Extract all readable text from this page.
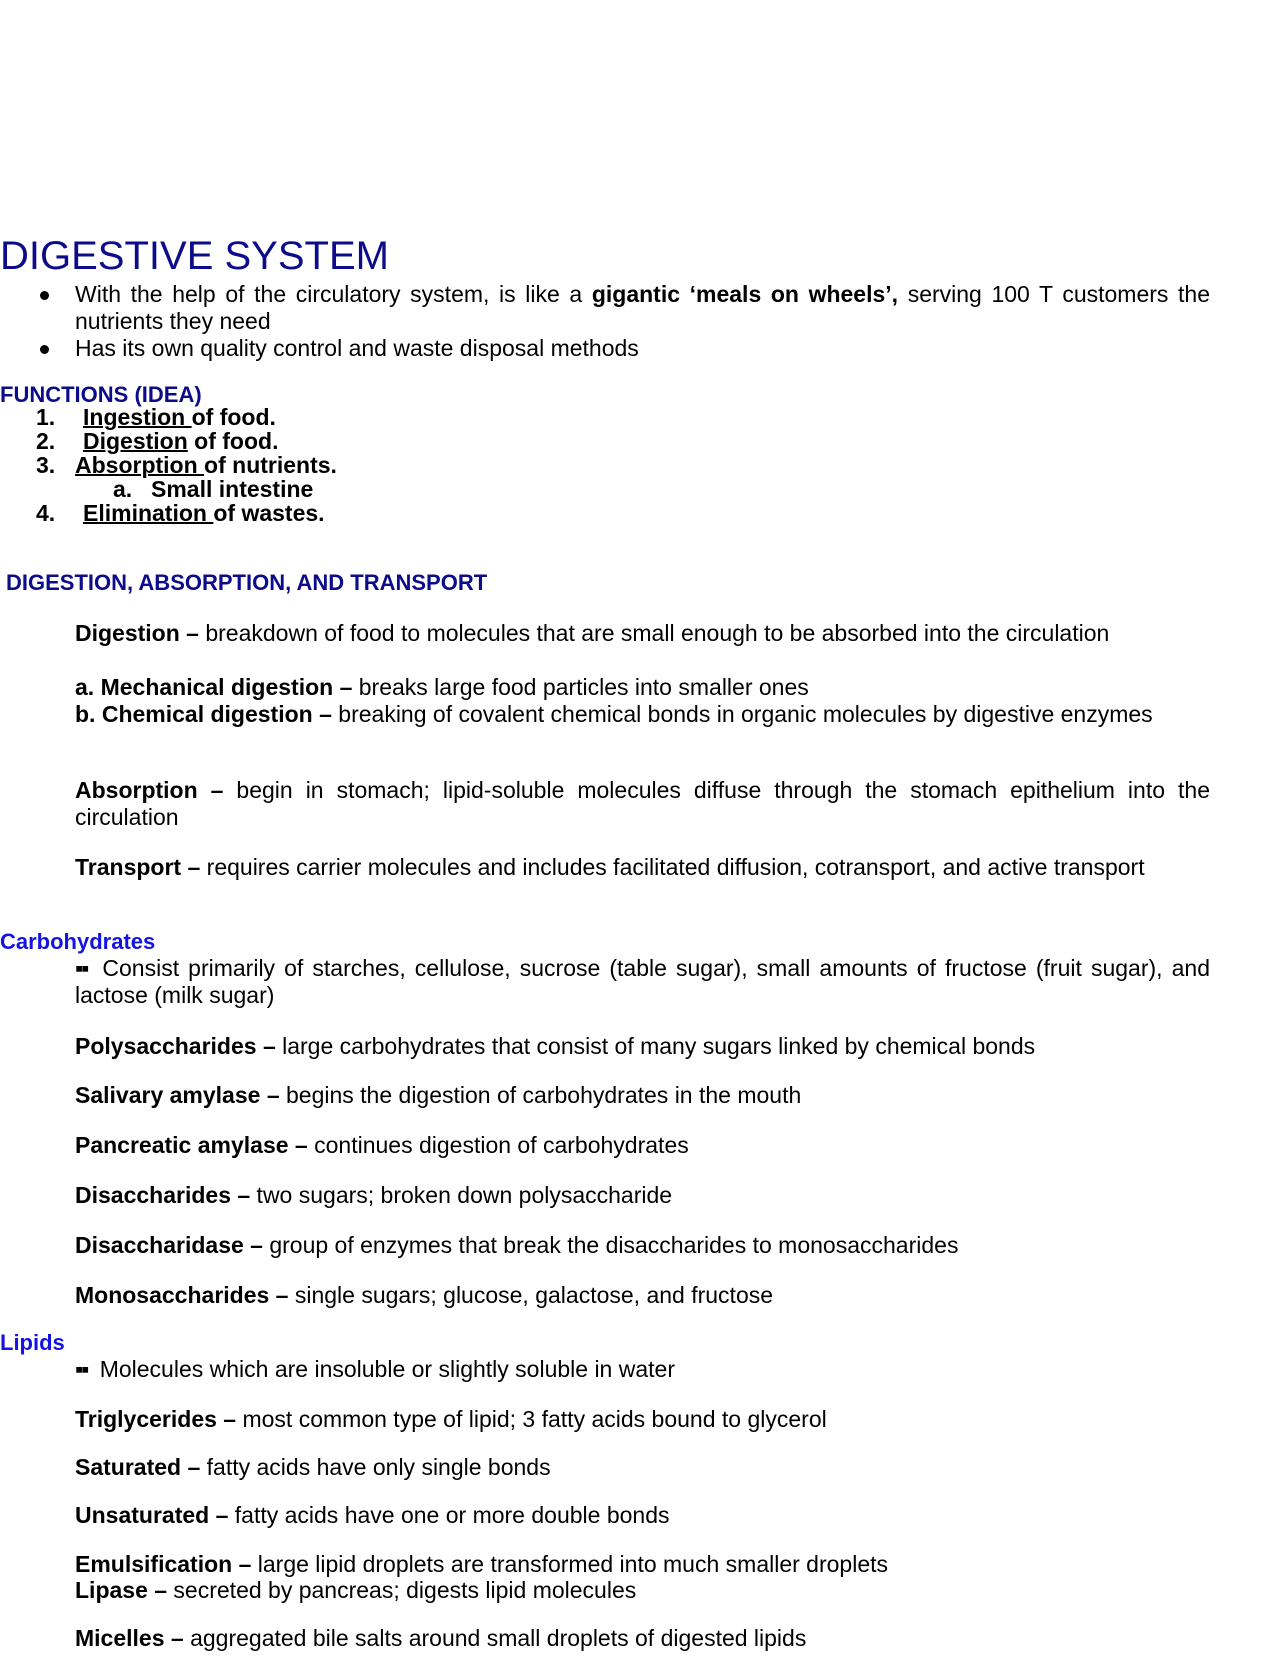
DIGESTIVE SYSTEM
With the help of the circulatory system, is like a gigantic ‘meals on wheels’, serving 100 T customers the nutrients they need
Has its own quality control and waste disposal methods
FUNCTIONS (IDEA)
1. Ingestion of food.
2. Digestion of food.
3. Absorption of nutrients.
a. Small intestine
4. Elimination of wastes.
DIGESTION, ABSORPTION, AND TRANSPORT

Digestion – breakdown of food to molecules that are small enough to be absorbed into the circulation

a. Mechanical digestion – breaks large food particles into smaller ones

b. Chemical digestion – breaking of covalent chemical bonds in organic molecules by digestive enzymes

Absorption – begin in stomach; lipid-soluble molecules diffuse through the stomach epithelium into the circulation

Transport – requires carrier molecules and includes facilitated diffusion, cotransport, and active transport

Carbohydrates

▪▪ Consist primarily of starches, cellulose, sucrose (table sugar), small amounts of fructose (fruit sugar), and lactose (milk sugar)

Polysaccharides – large carbohydrates that consist of many sugars linked by chemical bonds

Salivary amylase – begins the digestion of carbohydrates in the mouth

Pancreatic amylase – continues digestion of carbohydrates

Disaccharides – two sugars; broken down polysaccharide

Disaccharidase – group of enzymes that break the disaccharides to monosaccharides

Monosaccharides – single sugars; glucose, galactose, and fructose

Lipids

▪▪ Molecules which are insoluble or slightly soluble in water

Triglycerides – most common type of lipid; 3 fatty acids bound to glycerol

Saturated – fatty acids have only single bonds

Unsaturated – fatty acids have one or more double bonds

Emulsification – large lipid droplets are transformed into much smaller droplets

Lipase – secreted by pancreas; digests lipid molecules

Micelles – aggregated bile salts around small droplets of digested lipids
